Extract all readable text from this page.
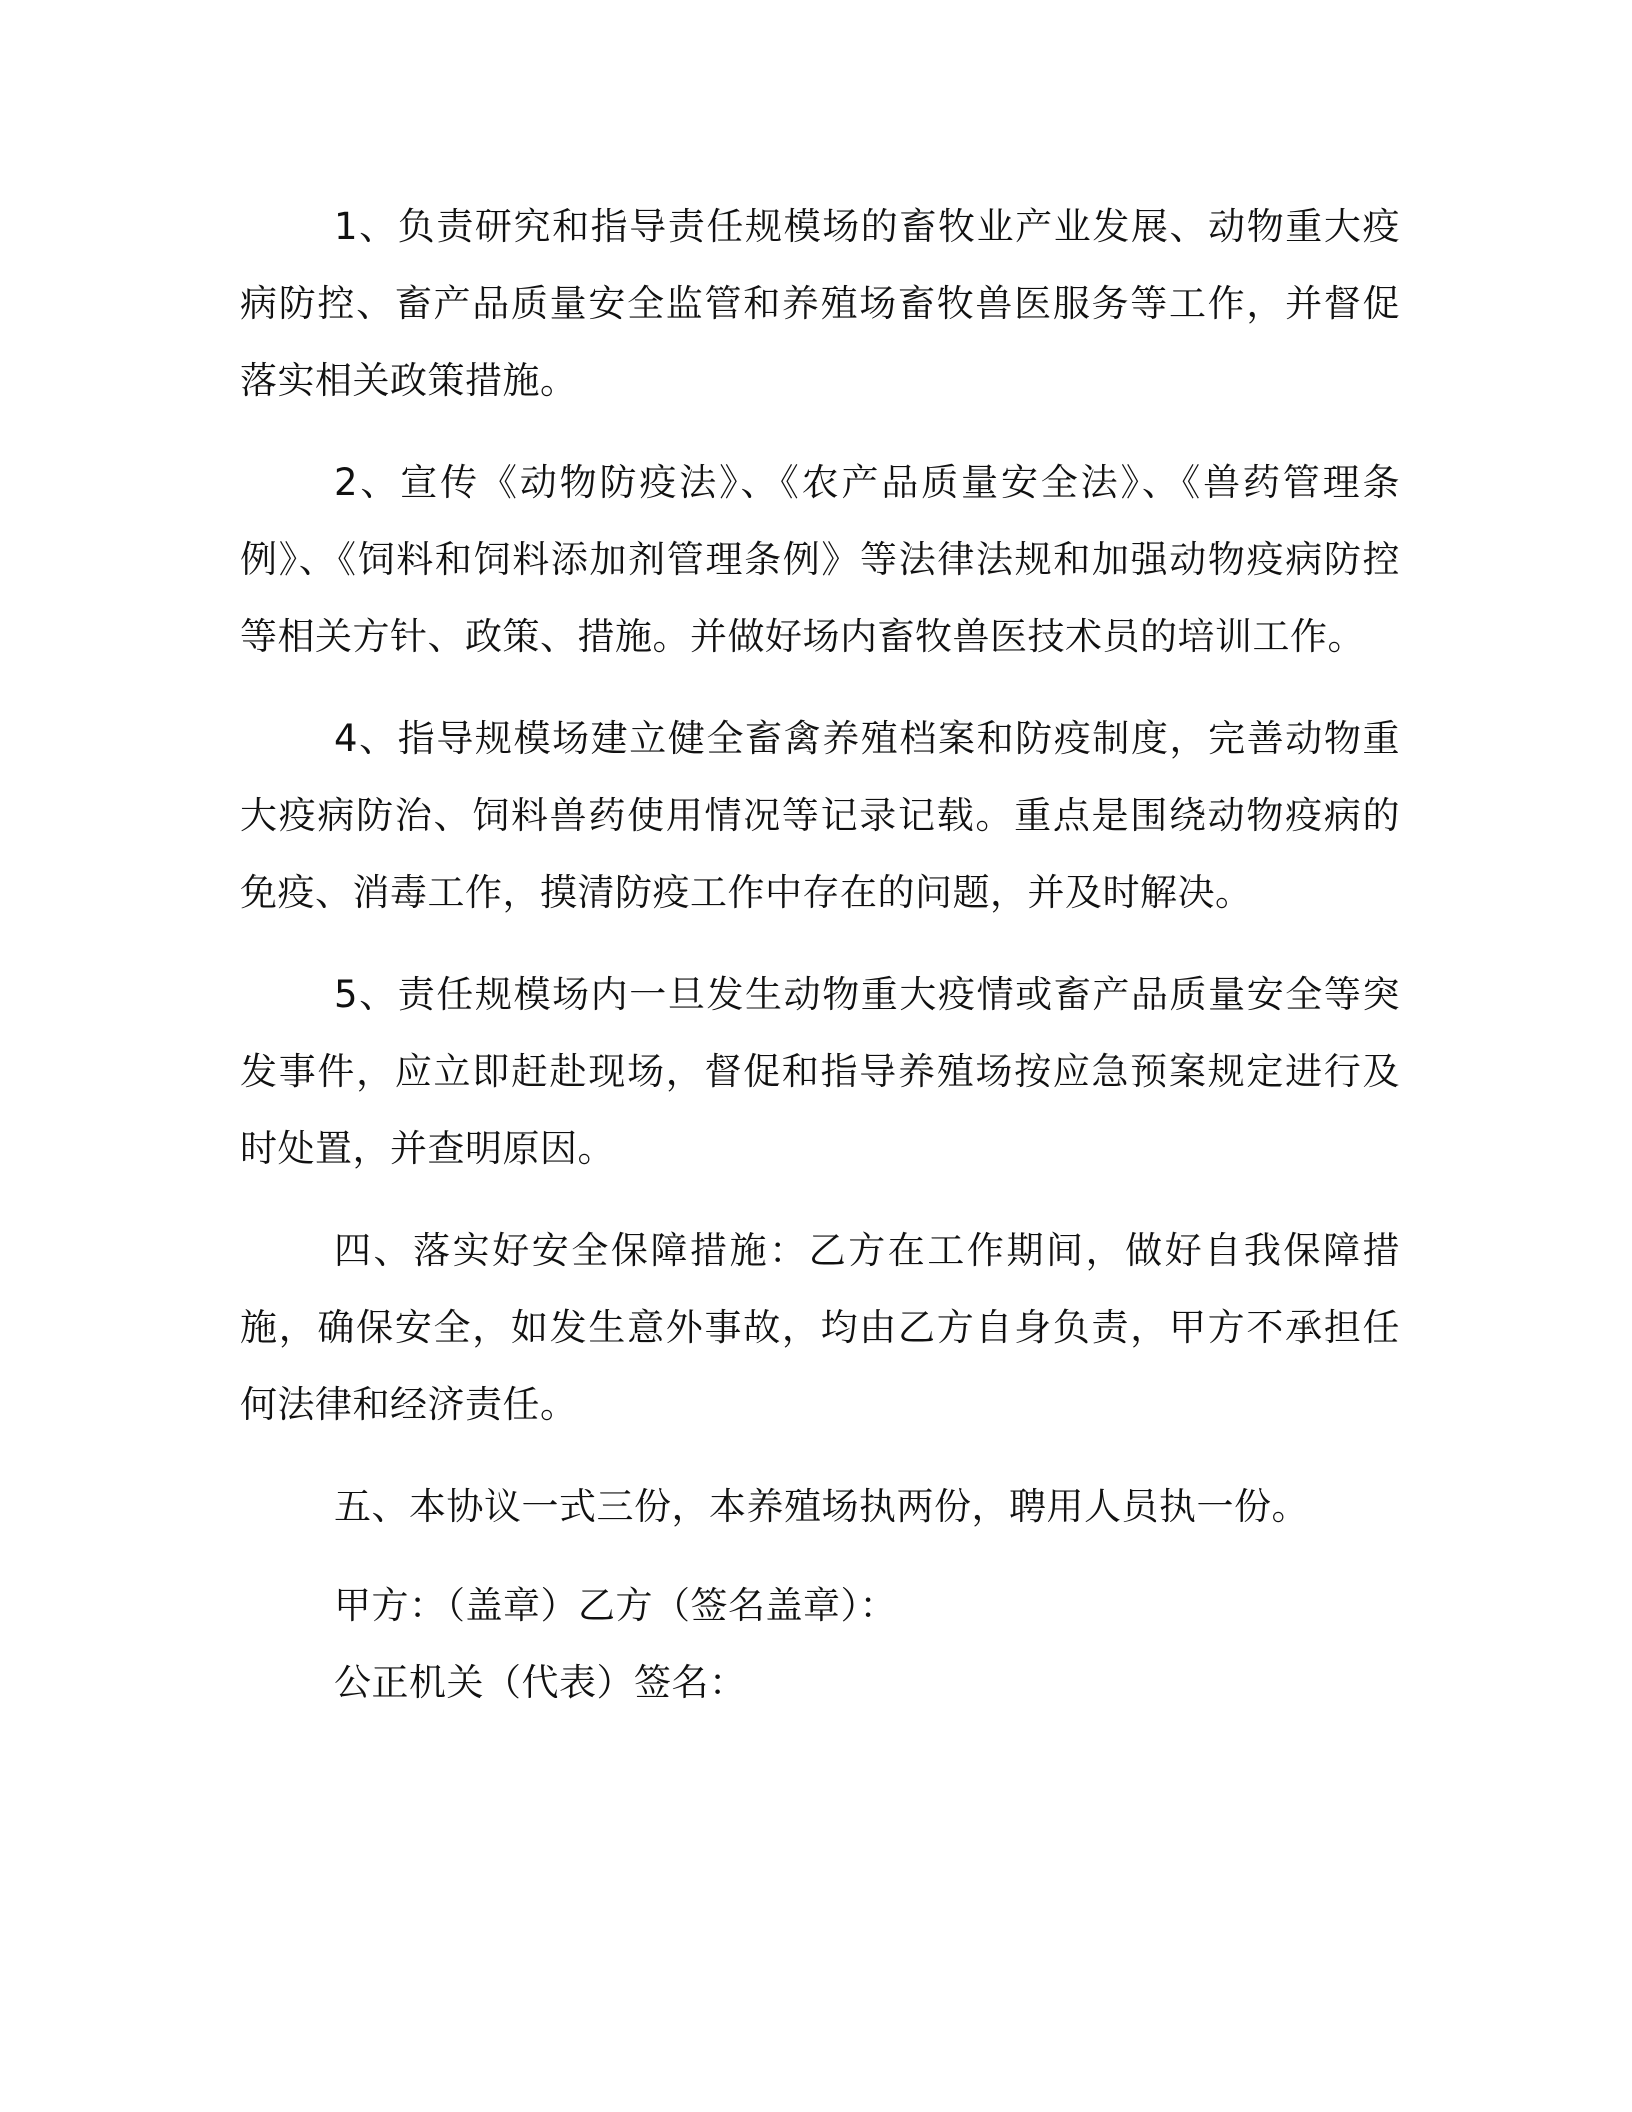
1、负责研究和指导责任规模场的畜牧业产业发展、动物重大疫病防控、畜产品质量安全监管和养殖场畜牧兽医服务等工作，并督促落实相关政策措施。

2、宣传《动物防疫法》、《农产品质量安全法》、《兽药管理条例》、《饲料和饲料添加剂管理条例》等法律法规和加强动物疫病防控等相关方针、政策、措施。并做好场内畜牧兽医技术员的培训工作。

4、指导规模场建立健全畜禽养殖档案和防疫制度，完善动物重大疫病防治、饲料兽药使用情况等记录记载。重点是围绕动物疫病的免疫、消毒工作，摸清防疫工作中存在的问题，并及时解决。

5、责任规模场内一旦发生动物重大疫情或畜产品质量安全等突发事件，应立即赶赴现场，督促和指导养殖场按应急预案规定进行及时处置，并查明原因。

四、落实好安全保障措施：乙方在工作期间，做好自我保障措施，确保安全，如发生意外事故，均由乙方自身负责，甲方不承担任何法律和经济责任。

五、本协议一式三份，本养殖场执两份，聘用人员执一份。

甲方：（盖章）乙方（签名盖章）：

公正机关（代表）签名：
